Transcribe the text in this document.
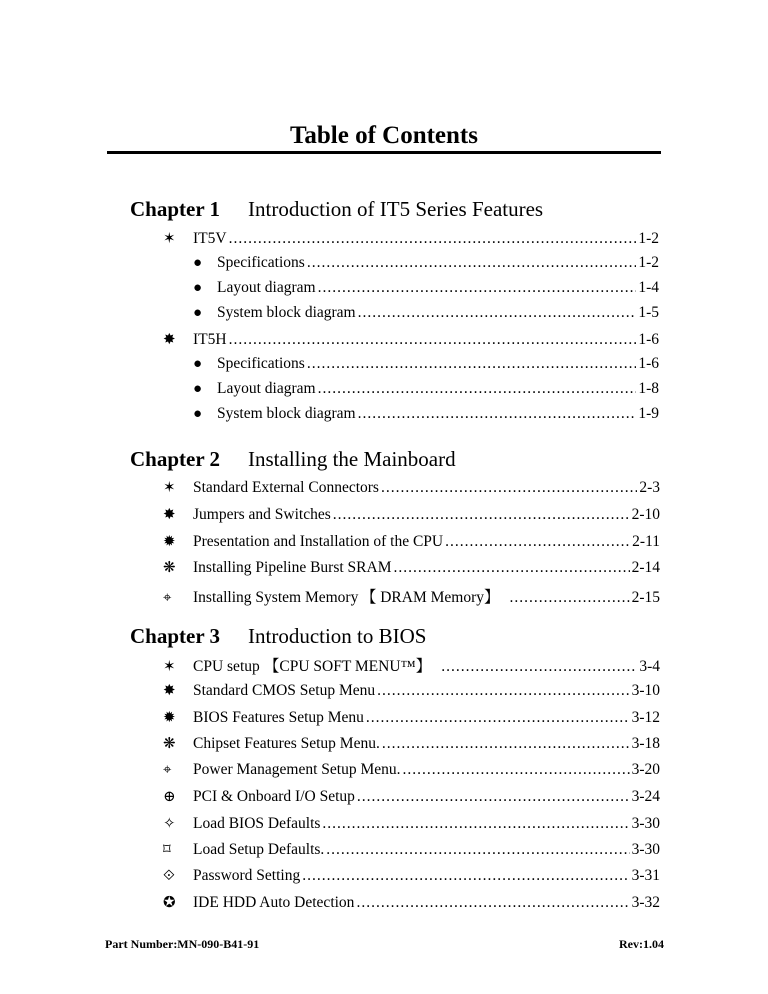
Table of Contents
Chapter 1 Introduction of IT5 Series Features
✶	IT5V .....	1-2
● Specifications .....	1-2
● Layout diagram .....	1-4
● System block diagram .....	1-5
✸	IT5H .....	1-6
● Specifications .....	1-6
● Layout diagram .....	1-8
● System block diagram .....	1-9
Chapter 2 Installing the Mainboard
✶	Standard External Connectors .....	2-3
✸	Jumpers and Switches .....	2-10
✹	Presentation and Installation of the CPU .....	2-11
❋	Installing Pipeline Burst SRAM .....	2-14
⌖	Installing System Memory 【 DRAM Memory】 .....	2-15
Chapter 3 Introduction to BIOS
✶	CPU setup 【CPU SOFT MENU™】 .....	3-4
✸	Standard CMOS Setup Menu .....	3-10
✹	BIOS Features Setup Menu .....	3-12
❋	Chipset Features Setup Menu. .....	3-18
⌖	Power Management Setup Menu. .....	3-20
⊕	PCI & Onboard I/O Setup .....	3-24
✧	Load BIOS Defaults .....	3-30
⌑	Load Setup Defaults. .....	3-30
⟐	Password Setting .....	3-31
✪	IDE HDD Auto Detection .....	3-32
Part Number:MN-090-B41-91	Rev:1.04
